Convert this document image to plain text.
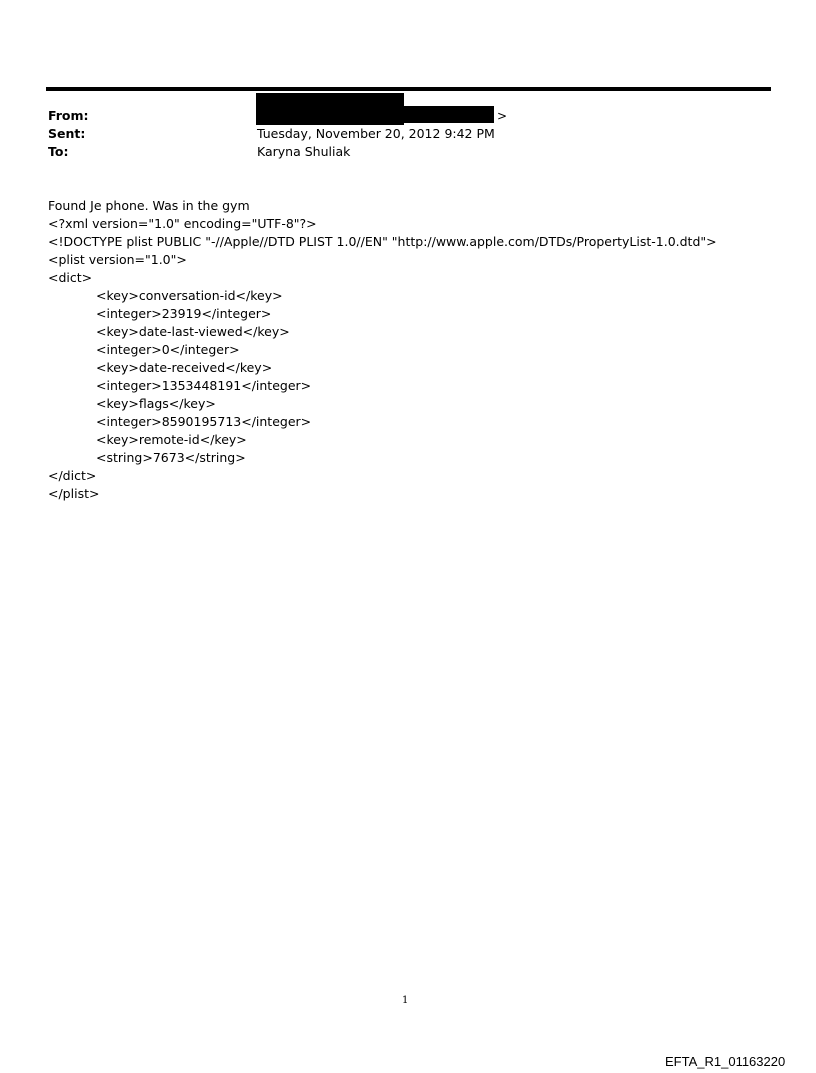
From:
Sent:
To:
>
Tuesday, November 20, 2012 9:42 PM
Karyna Shuliak
Found Je phone. Was in the gym
<?xml version="1.0" encoding="UTF-8"?>
<!DOCTYPE plist PUBLIC "-//Apple//DTD PLIST 1.0//EN" "http://www.apple.com/DTDs/PropertyList-1.0.dtd">
<plist version="1.0">
<dict>
<key>conversation-id</key>
<integer>23919</integer>
<key>date-last-viewed</key>
<integer>0</integer>
<key>date-received</key>
<integer>1353448191</integer>
<key>flags</key>
<integer>8590195713</integer>
<key>remote-id</key>
<string>7673</string>
</dict>
</plist>
1
EFTA_R1_01163220
